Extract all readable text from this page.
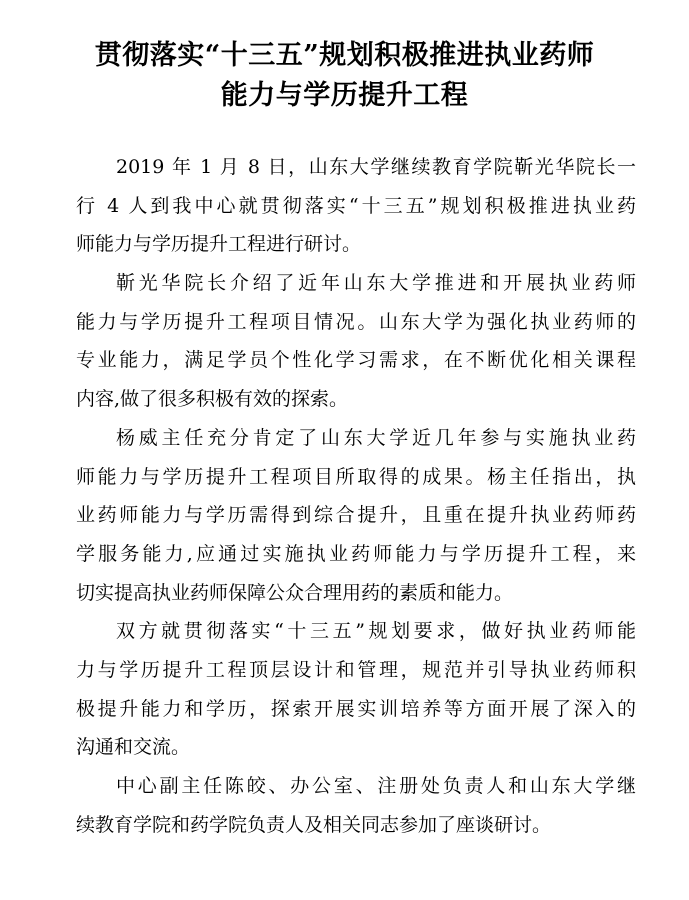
贯彻落实“十三五”规划积极推进执业药师
能力与学历提升工程
2019 年 1 月 8 日，山东大学继续教育学院靳光华院长一
行 4 人到我中心就贯彻落实“十三五”规划积极推进执业药
师能力与学历提升工程进行研讨。
靳光华院长介绍了近年山东大学推进和开展执业药师
能力与学历提升工程项目情况。山东大学为强化执业药师的
专业能力，满足学员个性化学习需求，在不断优化相关课程
内容,做了很多积极有效的探索。
杨威主任充分肯定了山东大学近几年参与实施执业药
师能力与学历提升工程项目所取得的成果。杨主任指出，执
业药师能力与学历需得到综合提升，且重在提升执业药师药
学服务能力,应通过实施执业药师能力与学历提升工程，来
切实提高执业药师保障公众合理用药的素质和能力。
双方就贯彻落实“十三五”规划要求，做好执业药师能
力与学历提升工程顶层设计和管理，规范并引导执业药师积
极提升能力和学历，探索开展实训培养等方面开展了深入的
沟通和交流。
中心副主任陈皎、办公室、注册处负责人和山东大学继
续教育学院和药学院负责人及相关同志参加了座谈研讨。
